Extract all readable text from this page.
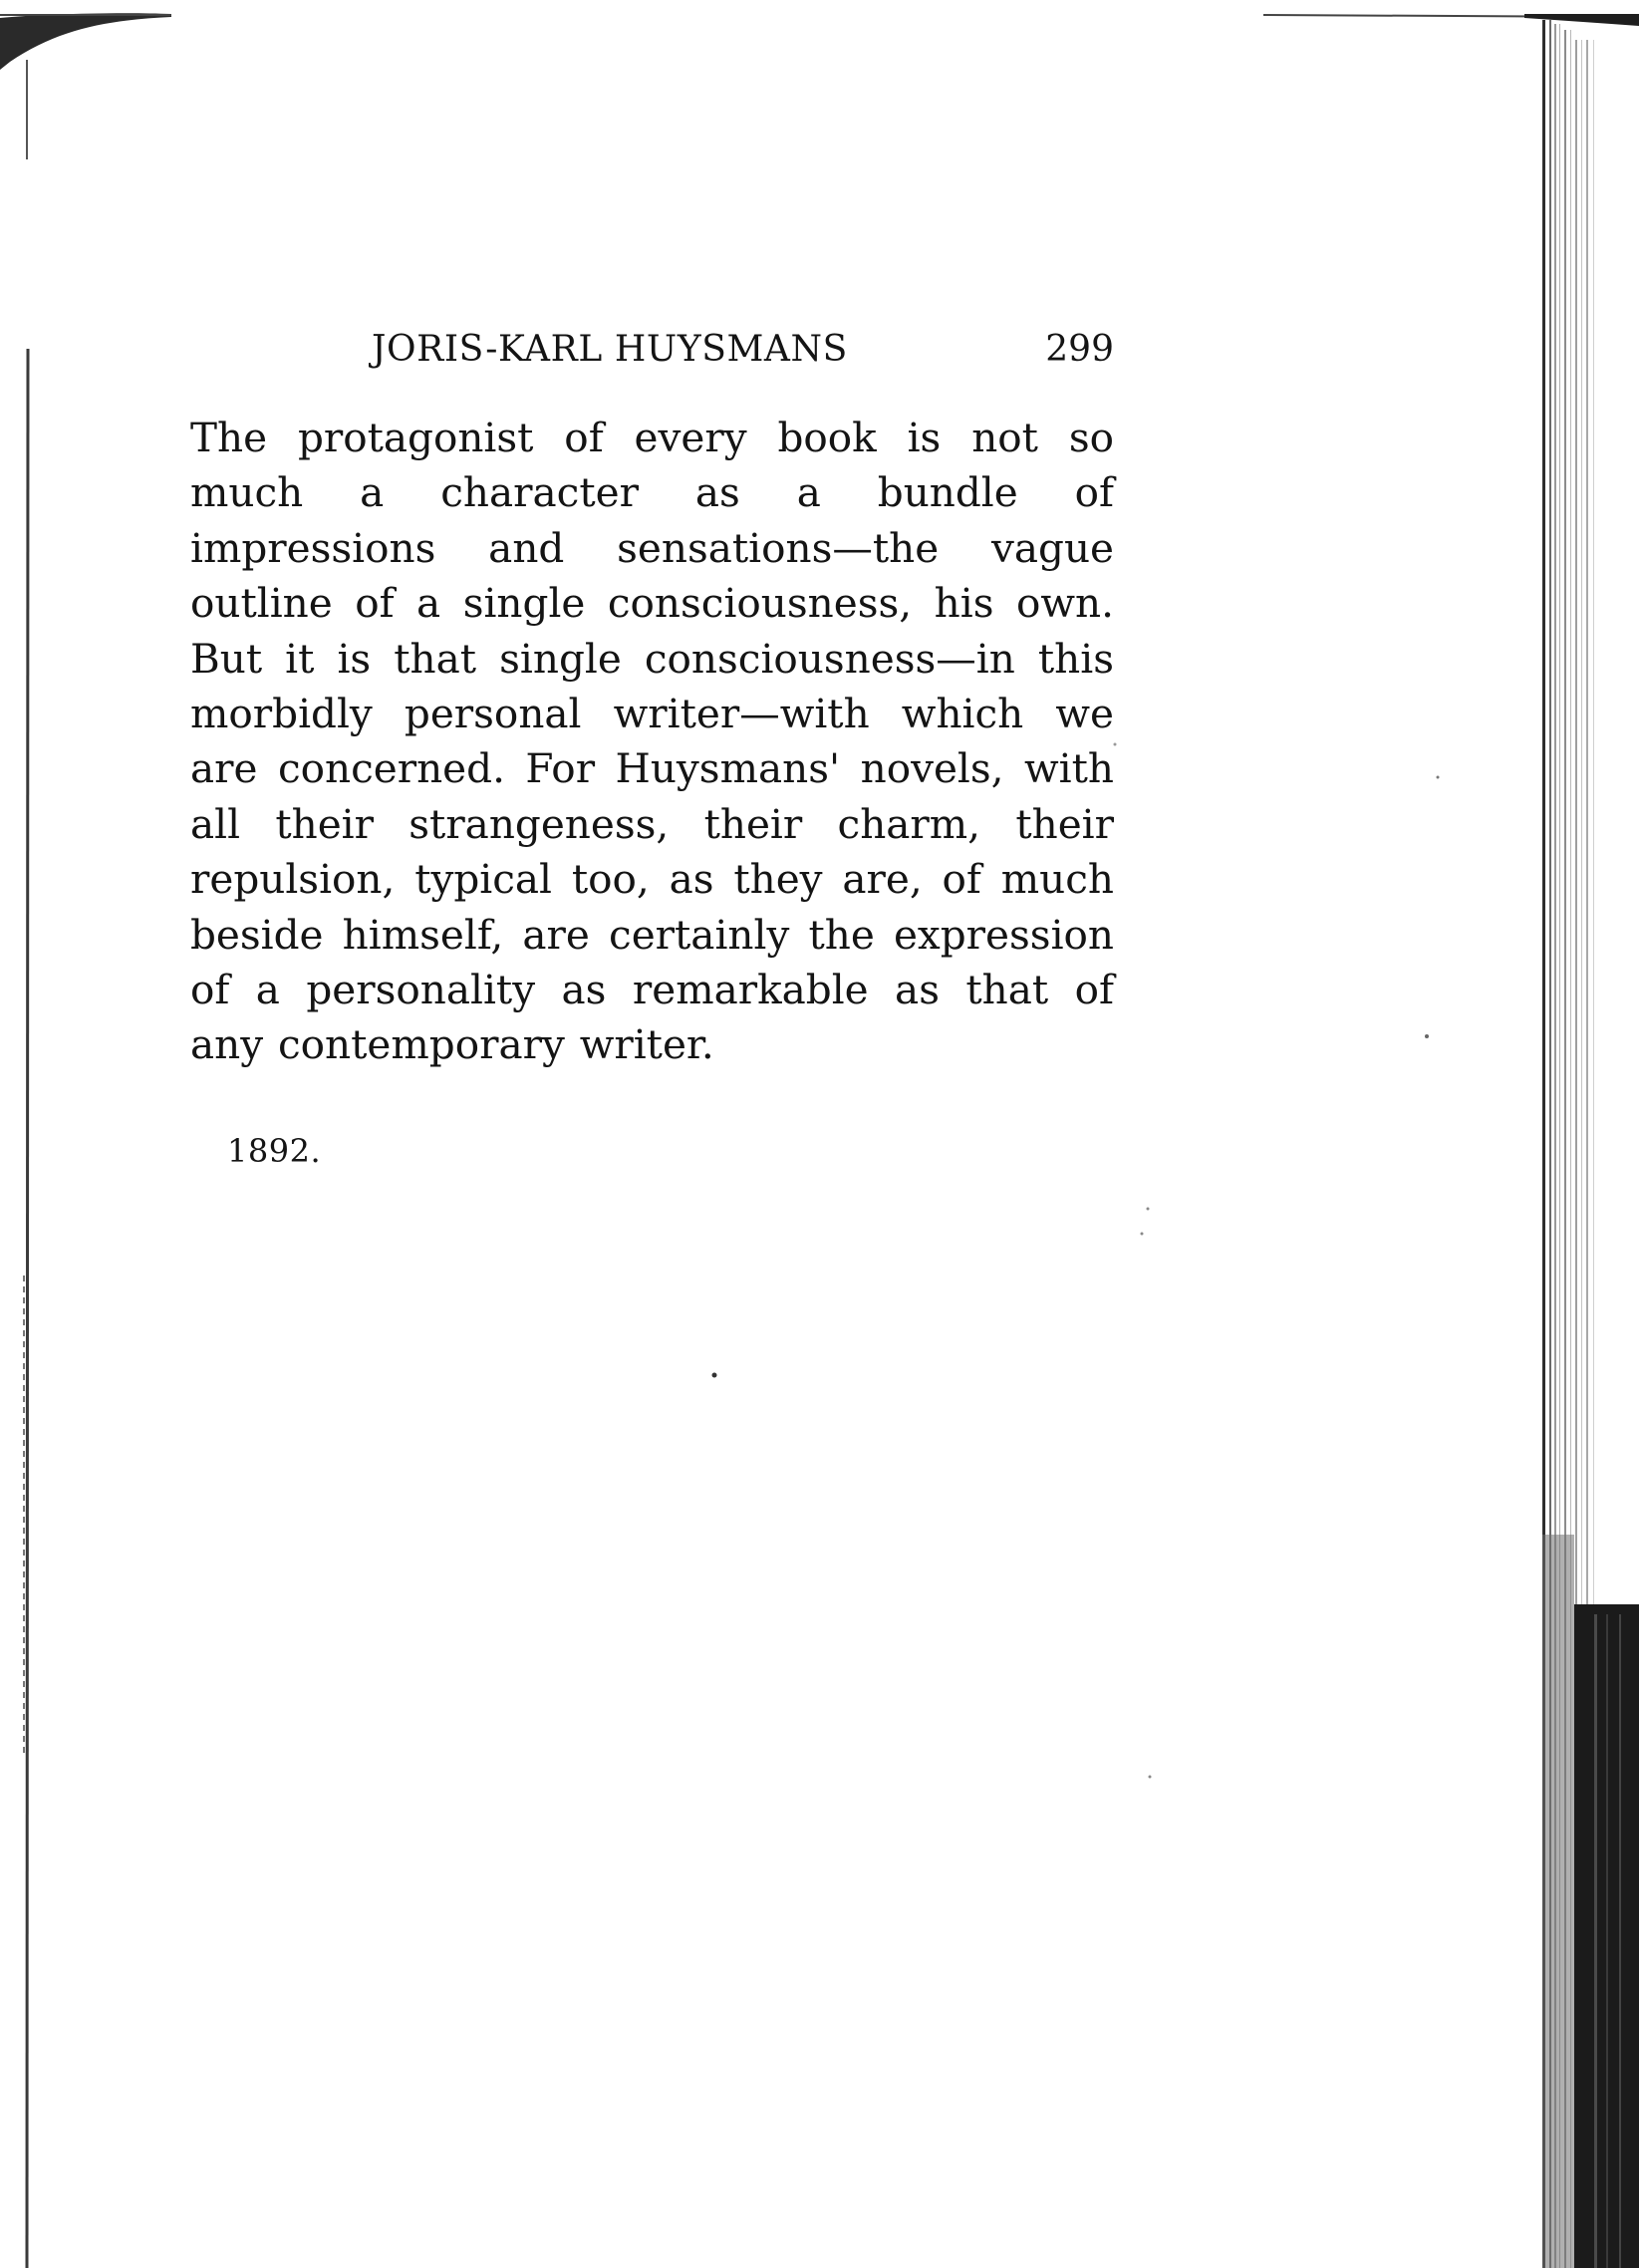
JORIS-KARL HUYSMANS	299

The protagonist of every book is not so much a character as a bundle of impressions and sensations—the vague outline of a single consciousness, his own. But it is that single consciousness—in this morbidly personal writer—with which we are concerned. For Huysmans' novels, with all their strangeness, their charm, their repulsion, typical too, as they are, of much beside himself, are certainly the expression of a personality as remarkable as that of any contemporary writer.

1892.
